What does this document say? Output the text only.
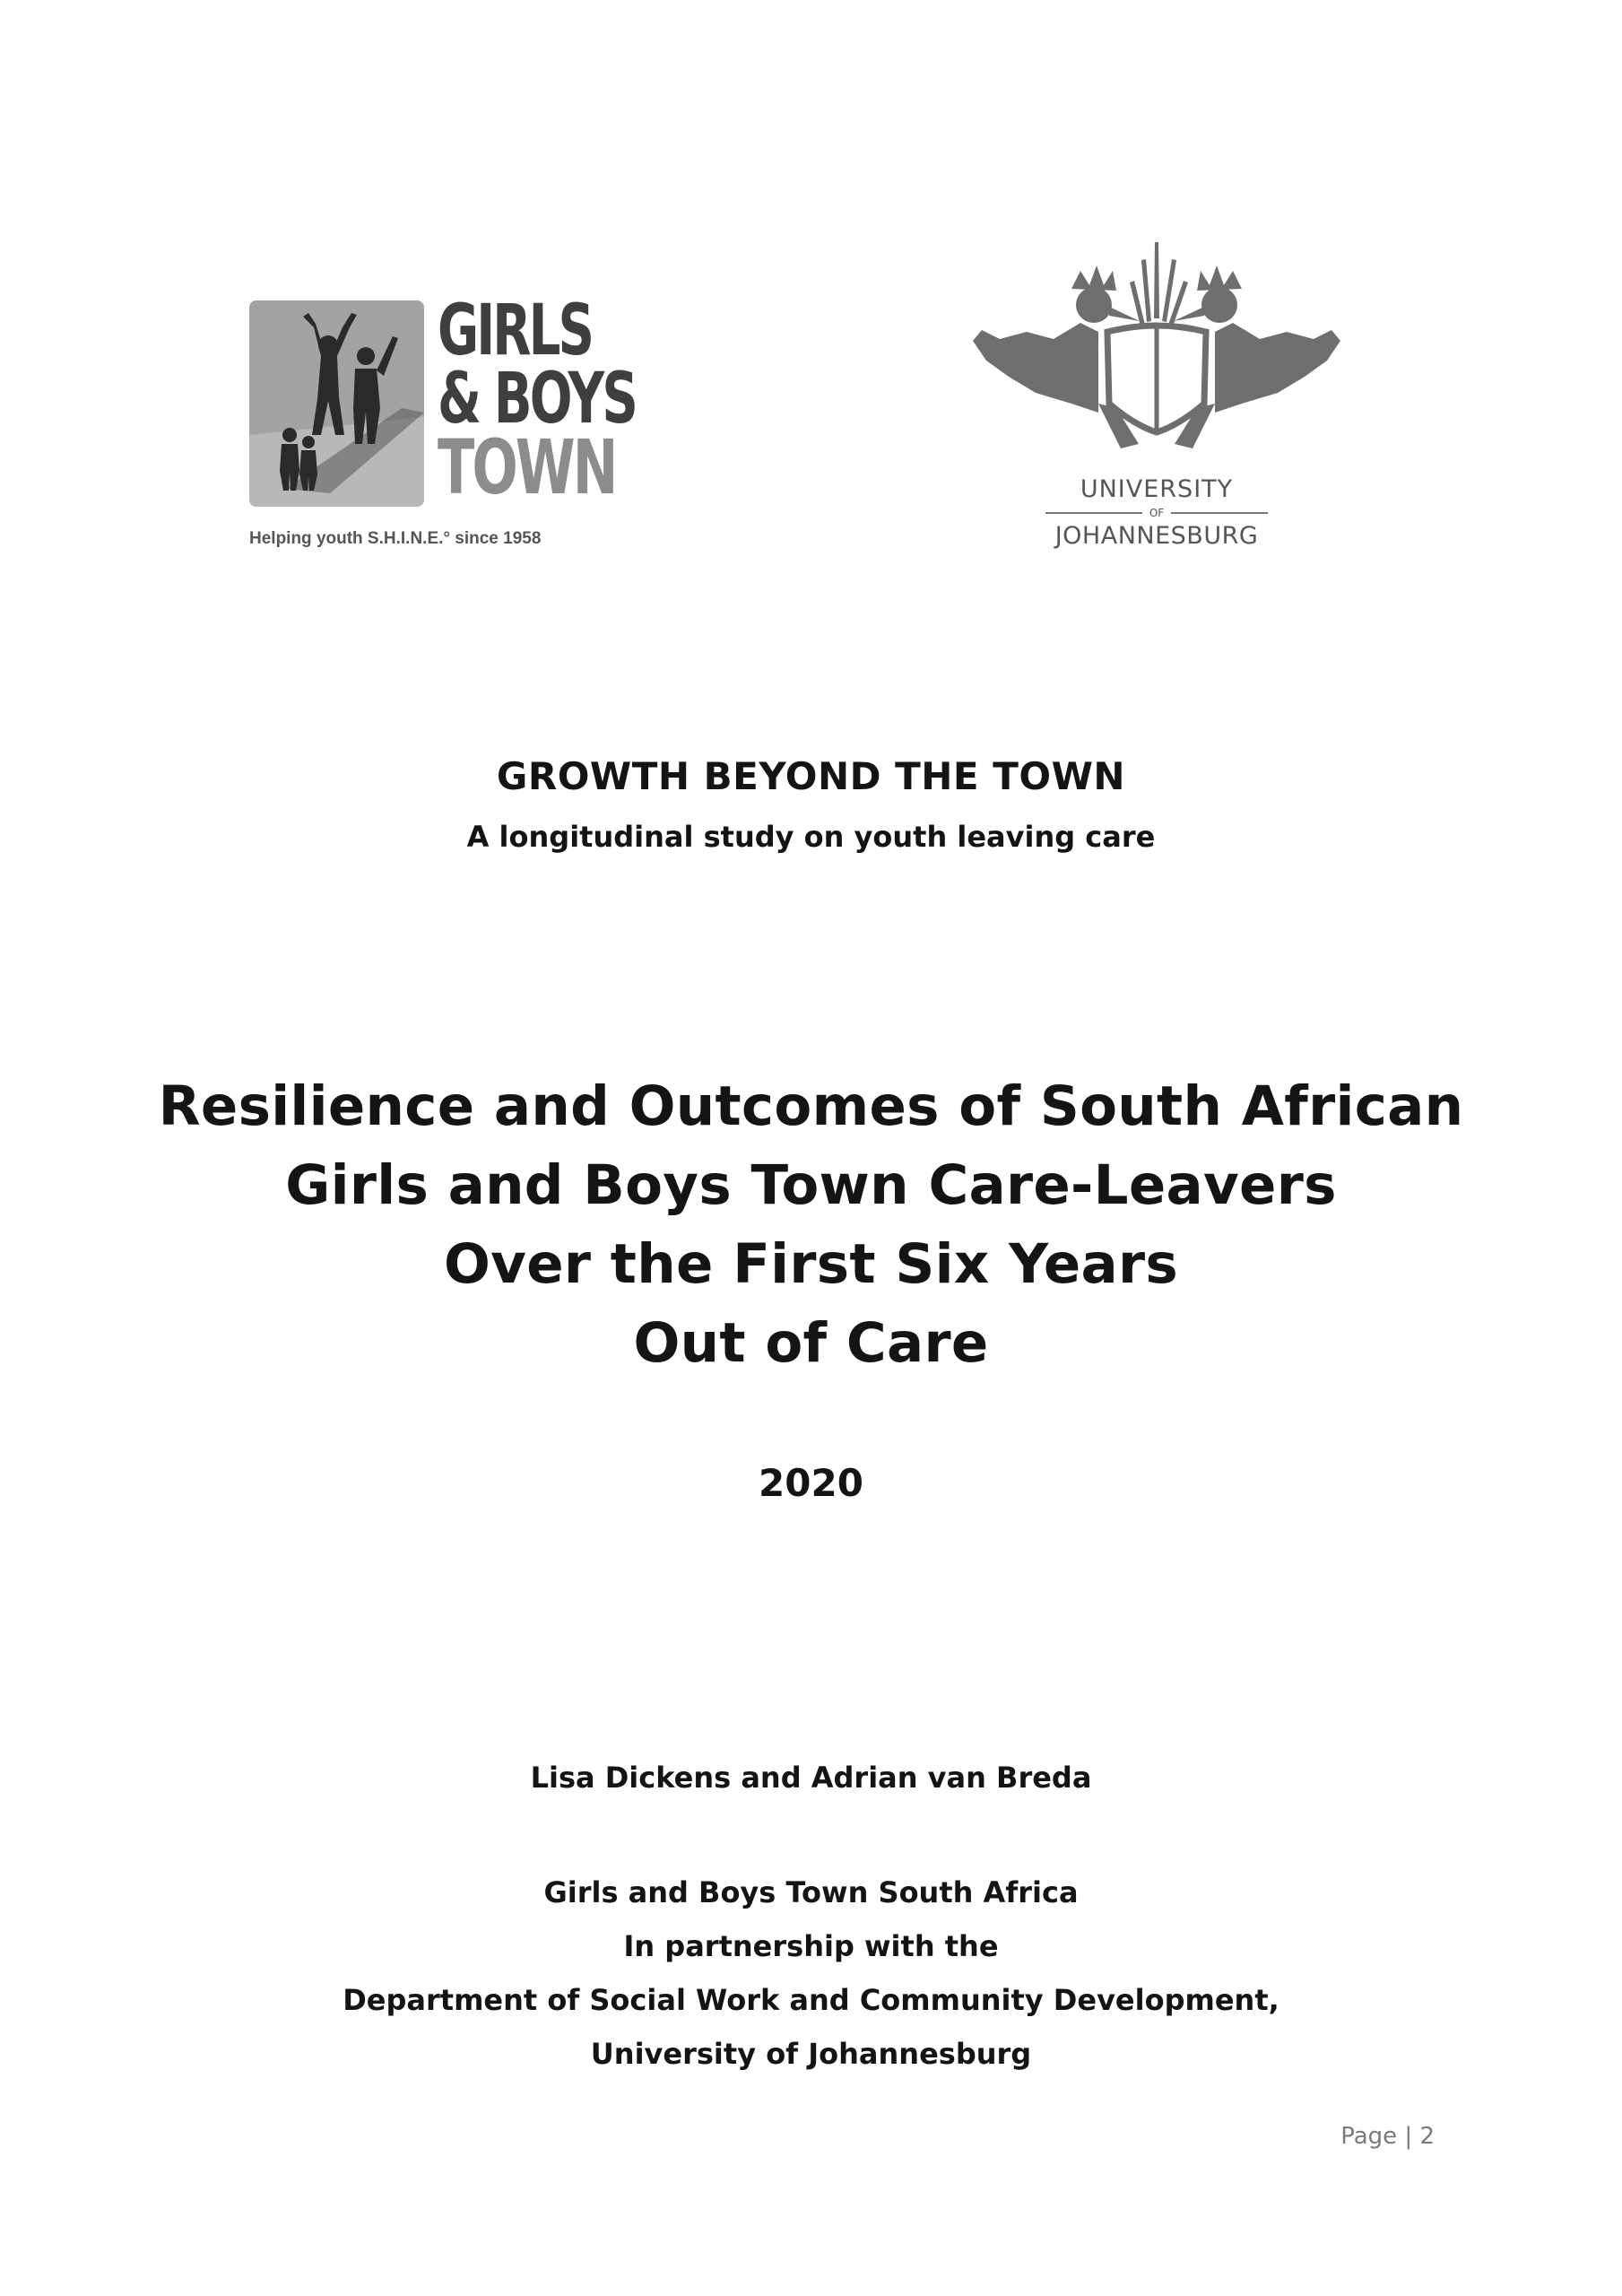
GIRLS
& BOYS
TOWN
Helping youth S.H.I.N.E.° since 1958
UNIVERSITY
OF
JOHANNESBURG
GROWTH BEYOND THE TOWN
A longitudinal study on youth leaving care
Resilience and Outcomes of South African
Girls and Boys Town Care-Leavers
Over the First Six Years
Out of Care
2020
Lisa Dickens and Adrian van Breda
Girls and Boys Town South Africa
In partnership with the
Department of Social Work and Community Development,
University of Johannesburg
Page | 2
